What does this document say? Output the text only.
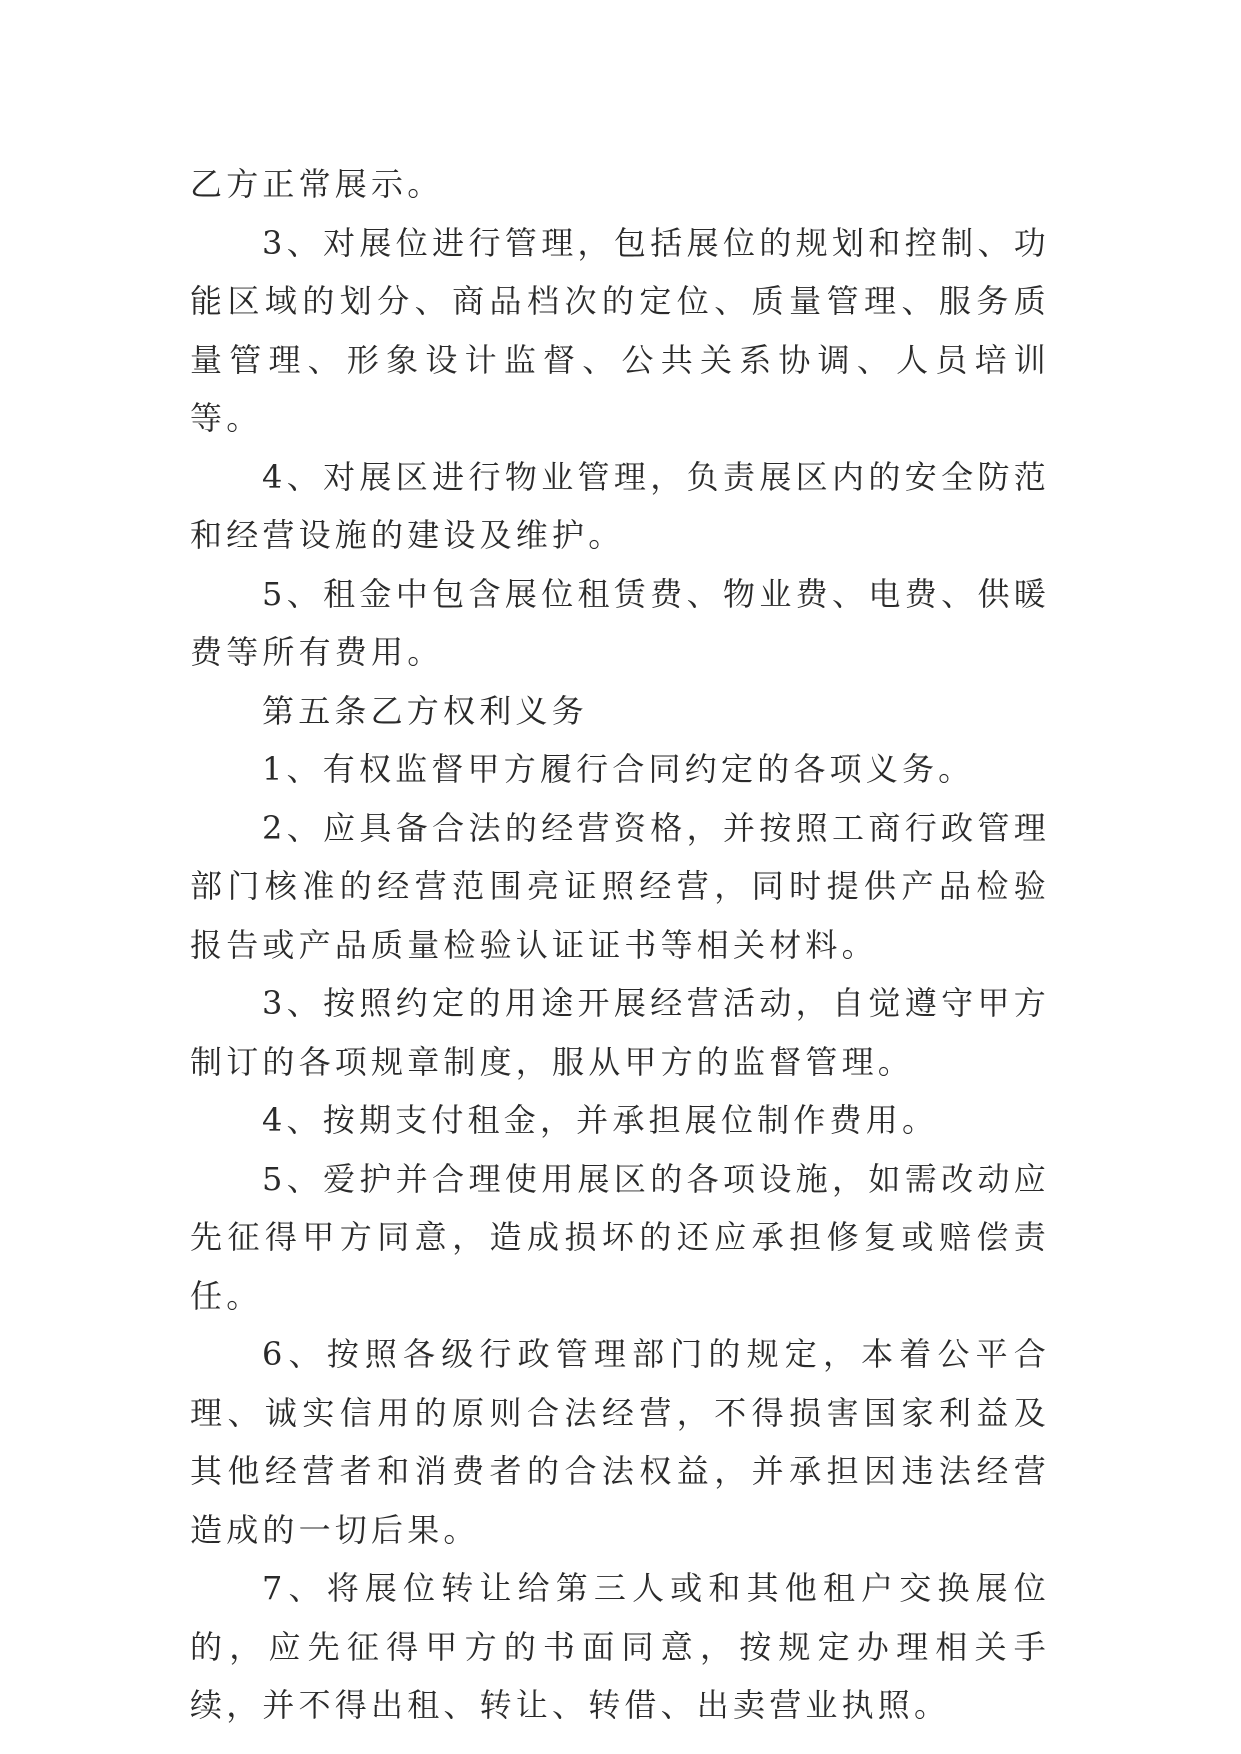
乙方正常展示。

3、对展位进行管理，包括展位的规划和控制、功能区域的划分、商品档次的定位、质量管理、服务质量管理、形象设计监督、公共关系协调、人员培训等。

4、对展区进行物业管理，负责展区内的安全防范和经营设施的建设及维护。

5、租金中包含展位租赁费、物业费、电费、供暖费等所有费用。

第五条乙方权利义务

1、有权监督甲方履行合同约定的各项义务。

2、应具备合法的经营资格，并按照工商行政管理部门核准的经营范围亮证照经营，同时提供产品检验报告或产品质量检验认证证书等相关材料。

3、按照约定的用途开展经营活动，自觉遵守甲方制订的各项规章制度，服从甲方的监督管理。

4、按期支付租金，并承担展位制作费用。

5、爱护并合理使用展区的各项设施，如需改动应先征得甲方同意，造成损坏的还应承担修复或赔偿责任。

6、按照各级行政管理部门的规定，本着公平合理、诚实信用的原则合法经营，不得损害国家利益及其他经营者和消费者的合法权益，并承担因违法经营造成的一切后果。

7、将展位转让给第三人或和其他租户交换展位的，应先征得甲方的书面同意，按规定办理相关手续，并不得出租、转让、转借、出卖营业执照。
